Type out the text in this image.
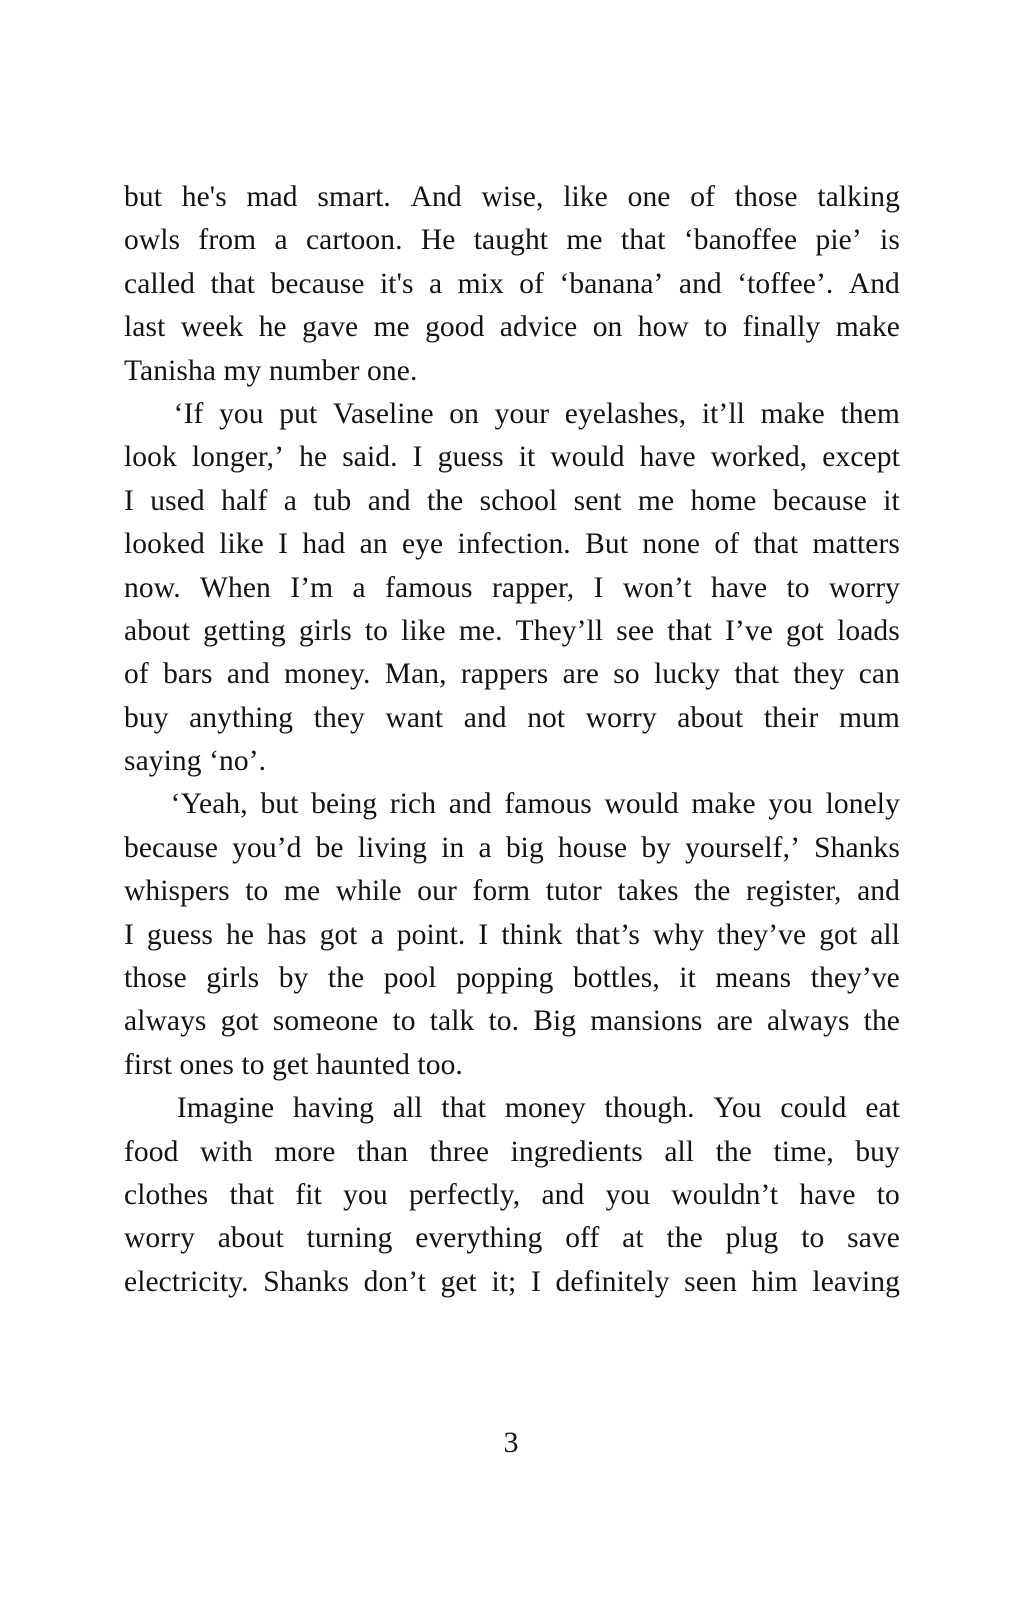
but he's mad smart. And wise, like one of those talking
owls from a cartoon. He taught me that ‘banoffee pie’ is
called that because it's a mix of ‘banana’ and ‘toffee’. And
last week he gave me good advice on how to finally make
Tanisha my number one.
‘If you put Vaseline on your eyelashes, it’ll make them
look longer,’ he said. I guess it would have worked, except
I used half a tub and the school sent me home because it
looked like I had an eye infection. But none of that matters
now. When I’m a famous rapper, I won’t have to worry
about getting girls to like me. They’ll see that I’ve got loads
of bars and money. Man, rappers are so lucky that they can
buy anything they want and not worry about their mum
saying ‘no’.
‘Yeah, but being rich and famous would make you lonely
because you’d be living in a big house by yourself,’ Shanks
whispers to me while our form tutor takes the register, and
I guess he has got a point. I think that’s why they’ve got all
those girls by the pool popping bottles, it means they’ve
always got someone to talk to. Big mansions are always the
first ones to get haunted too.
Imagine having all that money though. You could eat
food with more than three ingredients all the time, buy
clothes that fit you perfectly, and you wouldn’t have to
worry about turning everything off at the plug to save
electricity. Shanks don’t get it; I definitely seen him leaving
3
